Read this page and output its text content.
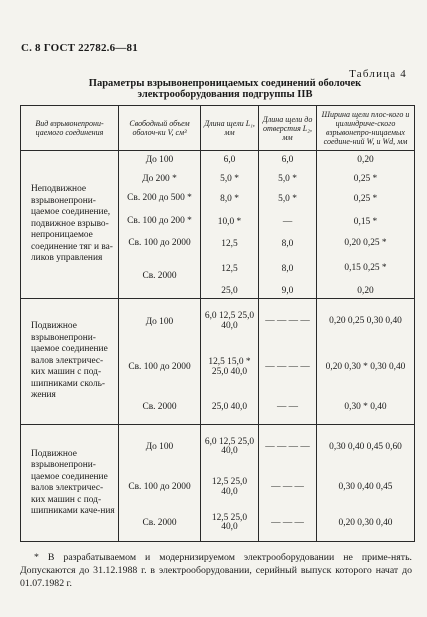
С. 8 ГОСТ 22782.6—81
Таблица 4
Параметры взрывонепроницаемых соединений оболочек
электрооборудования подгруппы IIВ
Вид взрывонепрони-цаемого соединения	Свободный объем оболоч-ки V, см³	Длина щели L₁, мм	Длина щели до отверстия L₂, мм	Ширина щели плос-кого и цилиндриче-ского взрывонепро-ницаемых соедине-ний W, и Wd, мм
Неподвижное взрывонепрони-цаемое соединение, подвижное взрыво-непроницаемое соединение тяг и ва-ликов управления	До 100	6,0	6,0	0,20
	До 200 *	5,0 *	5,0 *	0,25 *

	Св. 200 до 500 *	8,0 *	5,0 *	0,25 *

	Св. 100 до 200 *	10,0 *	—	0,15 *

	Св. 100 до 2000	12,5	8,0	0,20 0,25 *

	Св. 2000	12,5	8,0	0,15 0,25 *

		25,0	9,0	0,20
Подвижное взрывонепрони-цаемое соединение валов электричес-ких машин с под-шипниками сколь-жения	До 100	6,0 12,5 25,0 40,0	— — — —	0,20 0,25 0,30 0,40

	Св. 100 до 2000	12,5 15,0 * 25,0 40,0	— — — —	0,20 0,30 * 0,30 0,40

	Св. 2000	25,0 40,0	— —	0,30 * 0,40

Подвижное взрывонепрони-цаемое соединение валов электричес-ких машин с под-шипниками каче-ния	До 100	6,0 12,5 25,0 40,0	— — — —	0,30 0,40 0,45 0,60

	Св. 100 до 2000	12,5 25,0 40,0	— — —	0,30 0,40 0,45

	Св. 2000	12,5 25,0 40,0	— — —	0,20 0,30 0,40
* В разрабатываемом и модернизируемом электрооборудовании не приме-нять. Допускаются до 31.12.1988 г. в электрооборудовании, серийный выпуск которого начат до 01.07.1982 г.
